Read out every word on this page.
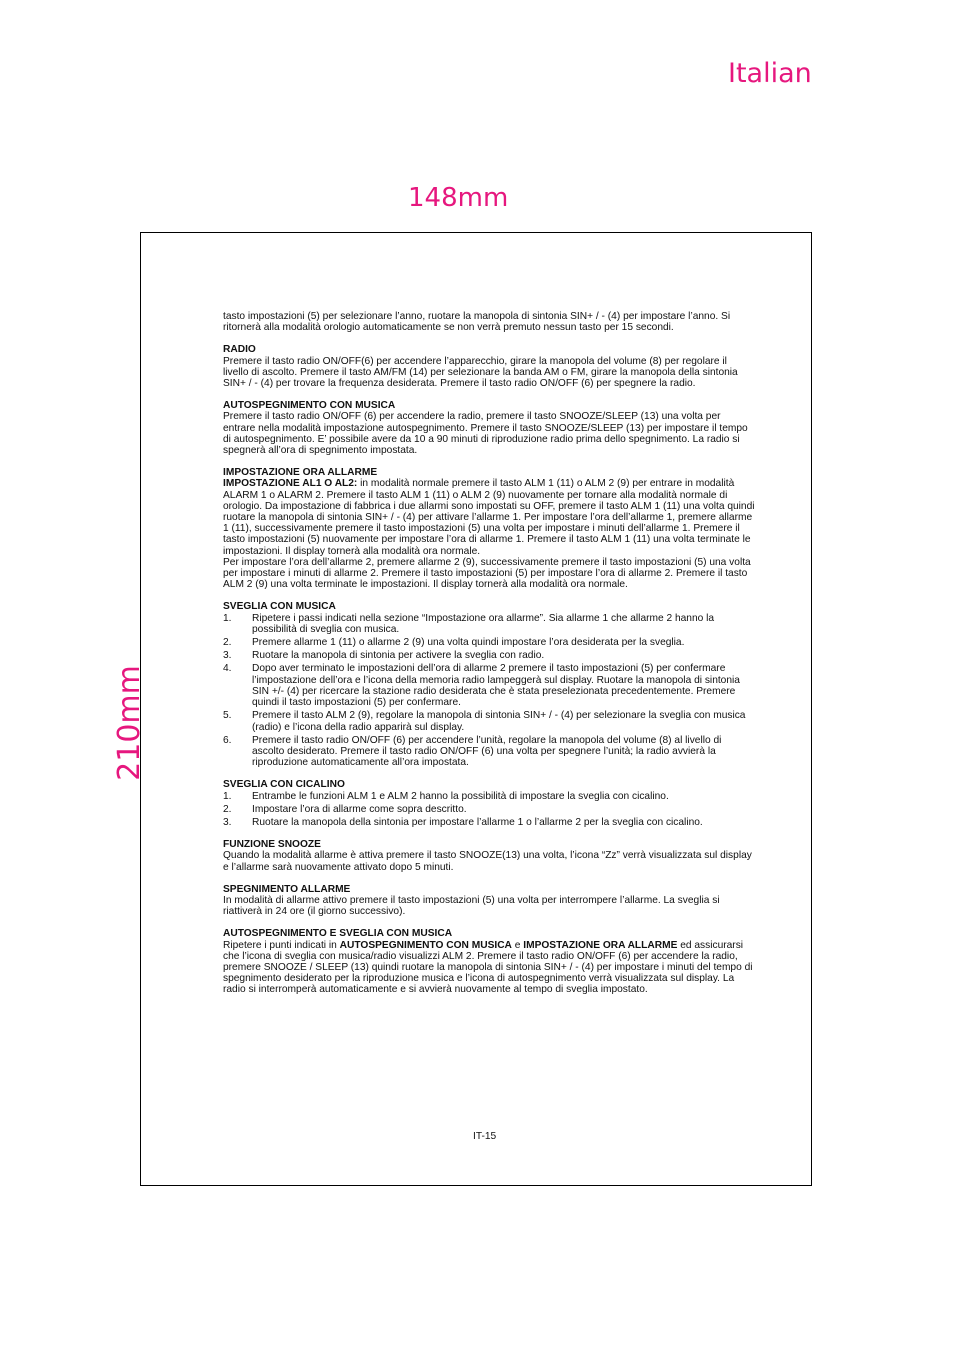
Italian
148mm
210mm

tasto impostazioni (5) per selezionare l’anno, ruotare la manopola di sintonia SIN+ / - (4) per impostare l’anno. Si ritornerà alla modalità orologio automaticamente se non verrà premuto nessun tasto per 15 secondi.

RADIO

Premere il tasto radio ON/OFF(6) per accendere l’apparecchio, girare la manopola del volume (8) per regolare il livello di ascolto. Premere il tasto AM/FM (14) per selezionare la banda AM o FM, girare la manopola della sintonia SIN+ / - (4) per trovare la frequenza desiderata. Premere il tasto radio ON/OFF (6) per spegnere la radio.

AUTOSPEGNIMENTO CON MUSICA

Premere il tasto radio ON/OFF (6) per accendere la radio, premere il tasto SNOOZE/SLEEP (13) una volta per entrare nella modalità impostazione autospegnimento. Premere il tasto SNOOZE/SLEEP (13) per impostare il tempo di autospegnimento. E’ possibile avere da 10 a 90 minuti di riproduzione radio prima dello spegnimento. La radio si spegnerà all’ora di spegnimento impostata.

IMPOSTAZIONE ORA ALLARME

IMPOSTAZIONE AL1 O AL2: in modalità normale premere il tasto ALM 1 (11) o ALM 2 (9) per entrare in modalità ALARM 1 o ALARM 2. Premere il tasto ALM 1 (11) o ALM 2 (9) nuovamente per tornare alla modalità normale di orologio. Da impostazione di fabbrica i due allarmi sono impostati su OFF, premere il tasto ALM 1 (11) una volta quindi ruotare la manopola di sintonia SIN+ / - (4) per attivare l’allarme 1. Per impostare l’ora dell’allarme 1, premere allarme 1 (11), successivamente premere il tasto impostazioni (5) una volta per impostare i minuti dell’allarme 1. Premere il tasto impostazioni (5) nuovamente per impostare l’ora di allarme 1. Premere il tasto ALM 1 (11) una volta terminate le impostazioni. Il display tornerà alla modalità ora normale.

Per impostare l’ora dell’allarme 2, premere allarme 2 (9), successivamente premere il tasto impostazioni (5) una volta per impostare i minuti di allarme 2. Premere il tasto impostazioni (5) per impostare l’ora di allarme 2. Premere il tasto ALM 2 (9) una volta terminate le impostazioni. Il display tornerà alla modalità ora normale.

SVEGLIA CON MUSICA
1. Ripetere i passi indicati nella sezione “Impostazione ora allarme”. Sia allarme 1 che allarme 2 hanno la possibilità di sveglia con musica.
2. Premere allarme 1 (11) o allarme 2 (9) una volta quindi impostare l’ora desiderata per la sveglia.
3. Ruotare la manopola di sintonia per activere la sveglia con radio.
4. Dopo aver terminato le impostazioni dell’ora di allarme 2 premere il tasto impostazioni (5) per confermare l’impostazione dell’ora e l’icona della memoria radio lampeggerà sul display. Ruotare la manopola di sintonia SIN +/- (4) per ricercare la stazione radio desiderata che è stata preselezionata precedentemente. Premere quindi il tasto impostazioni (5) per confermare.
5. Premere il tasto ALM 2 (9), regolare la manopola di sintonia SIN+ / - (4) per selezionare la sveglia con musica (radio) e l’icona della radio apparirà sul display.
6. Premere il tasto radio ON/OFF (6) per accendere l’unità, regolare la manopola del volume (8) al livello di ascolto desiderato. Premere il tasto radio ON/OFF (6) una volta per spegnere l’unità; la radio avvierà la riproduzione automaticamente all’ora impostata.
SVEGLIA CON CICALINO
1. Entrambe le funzioni ALM 1 e ALM 2 hanno la possibilità di impostare la sveglia con cicalino.
2. Impostare l’ora di allarme come sopra descritto.
3. Ruotare la manopola della sintonia per impostare l’allarme 1 o l’allarme 2 per la sveglia con cicalino.
FUNZIONE SNOOZE

Quando la modalità allarme è attiva premere il tasto SNOOZE(13) una volta, l’icona “Zz” verrà visualizzata sul display e l’allarme sarà nuovamente attivato dopo 5 minuti.

SPEGNIMENTO ALLARME

In modalità di allarme attivo premere il tasto impostazioni (5) una volta per interrompere l’allarme. La sveglia si riattiverà in 24 ore (il giorno successivo).

AUTOSPEGNIMENTO E SVEGLIA CON MUSICA

Ripetere i punti indicati in AUTOSPEGNIMENTO CON MUSICA e IMPOSTAZIONE ORA ALLARME ed assicurarsi che l’icona di sveglia con musica/radio visualizzi ALM 2. Premere il tasto radio ON/OFF (6) per accendere la radio, premere SNOOZE / SLEEP (13) quindi ruotare la manopola di sintonia SIN+ / - (4) per impostare i minuti del tempo di spegnimento desiderato per la riproduzione musica e l’icona di autospegnimento verrà visualizzata sul display. La radio si interromperà automaticamente e si avvierà nuovamente al tempo di sveglia impostato.

IT-15
